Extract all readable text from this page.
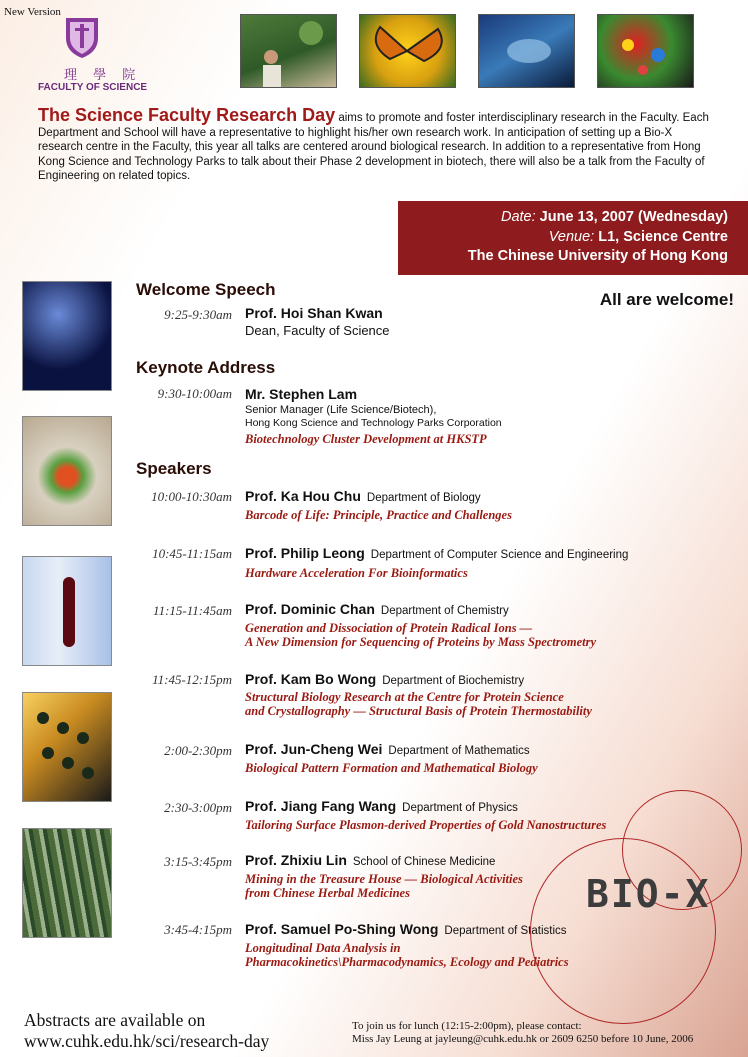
New Version
理 學 院
FACULTY OF SCIENCE
The Science Faculty Research Day aims to promote and foster interdisciplinary research in the Faculty. Each Department and School will have a representative to highlight his/her own research work. In anticipation of setting up a Bio-X research centre in the Faculty, this year all talks are centered around biological research. In addition to a representative from Hong Kong Science and Technology Parks to talk about their Phase 2 development in biotech, there will also be a talk from the Faculty of Engineering on related topics.
Date: June 13, 2007 (Wednesday)
Venue: L1, Science Centre
The Chinese University of Hong Kong
All are welcome!
Welcome Speech
9:25-9:30am Prof. Hoi Shan Kwan
Dean, Faculty of Science
Keynote Address
9:30-10:00am Mr. Stephen Lam
Senior Manager (Life Science/Biotech),
Hong Kong Science and Technology Parks Corporation
Biotechnology Cluster Development at HKSTP
Speakers
10:00-10:30am Prof. Ka Hou Chu Department of Biology
Barcode of Life: Principle, Practice and Challenges
10:45-11:15am Prof. Philip Leong Department of Computer Science and Engineering
Hardware Acceleration For Bioinformatics
11:15-11:45am Prof. Dominic Chan Department of Chemistry
Generation and Dissociation of Protein Radical Ions —
A New Dimension for Sequencing of Proteins by Mass Spectrometry
11:45-12:15pm Prof. Kam Bo Wong Department of Biochemistry
Structural Biology Research at the Centre for Protein Science
and Crystallography — Structural Basis of Protein Thermostability
2:00-2:30pm Prof. Jun-Cheng Wei Department of Mathematics
Biological Pattern Formation and Mathematical Biology
2:30-3:00pm Prof. Jiang Fang Wang Department of Physics
Tailoring Surface Plasmon-derived Properties of Gold Nanostructures
3:15-3:45pm Prof. Zhixiu Lin School of Chinese Medicine
Mining in the Treasure House — Biological Activities
from Chinese Herbal Medicines
3:45-4:15pm Prof. Samuel Po-Shing Wong Department of Statistics
Longitudinal Data Analysis in
Pharmacokinetics\Pharmacodynamics, Ecology and Pediatrics
BIO-X
Abstracts are available on
www.cuhk.edu.hk/sci/research-day
To join us for lunch (12:15-2:00pm), please contact:
Miss Jay Leung at jayleung@cuhk.edu.hk or 2609 6250 before 10 June, 2006
